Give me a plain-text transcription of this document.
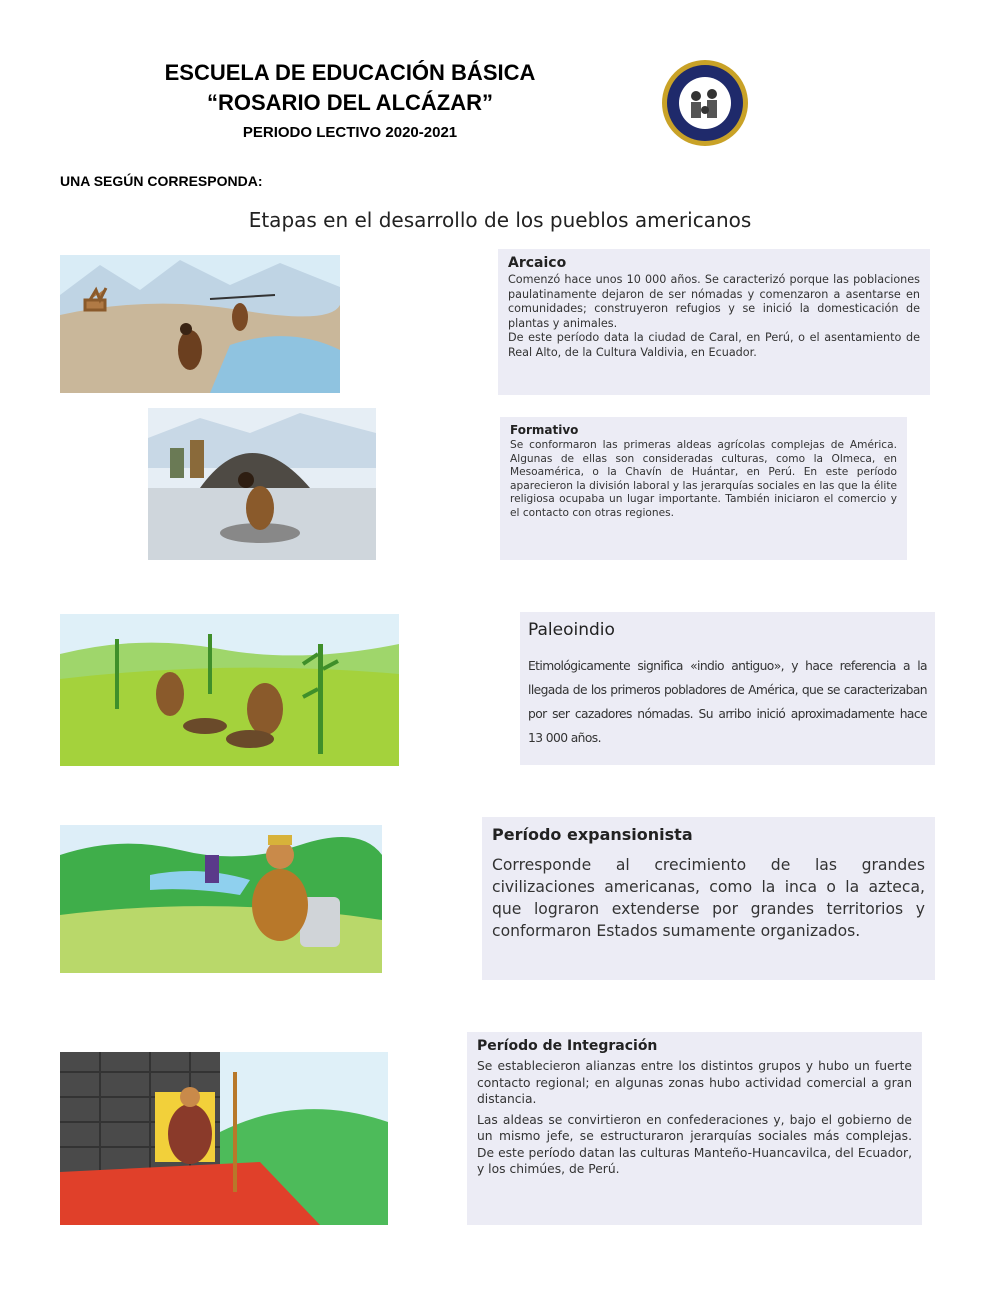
ESCUELA DE EDUCACIÓN BÁSICA
“ROSARIO DEL ALCÁZAR”
PERIODO LECTIVO 2020-2021
UNA SEGÚN CORRESPONDA:
Etapas en el desarrollo de los pueblos americanos
Arcaico

Comenzó hace unos 10 000 años. Se caracterizó porque las poblaciones paulatinamente dejaron de ser nómadas y comenzaron a asentarse en comunidades; construyeron refugios y se inició la domesticación de plantas y animales.

De este período data la ciudad de Caral, en Perú, o el asentamiento de Real Alto, de la Cultura Valdivia, en Ecuador.

Formativo

Se conformaron las primeras aldeas agrícolas complejas de América. Algunas de ellas son consideradas culturas, como la Olmeca, en Mesoamérica, o la Chavín de Huántar, en Perú. En este período aparecieron la división laboral y las jerarquías sociales en las que la élite religiosa ocupaba un lugar importante. También iniciaron el comercio y el contacto con otras regiones.

Paleoindio

Etimológicamente significa «indio antiguo», y hace referencia a la llegada de los primeros pobladores de América, que se caracterizaban por ser cazadores nómadas. Su arribo inició aproximadamente hace 13 000 años.

Período expansionista

Corresponde al crecimiento de las grandes civilizaciones americanas, como la inca o la azteca, que lograron extenderse por grandes territorios y conformaron Estados sumamente organizados.

Período de Integración

Se establecieron alianzas entre los distintos grupos y hubo un fuerte contacto regional; en algunas zonas hubo actividad comercial a gran distancia.

Las aldeas se convirtieron en confederaciones y, bajo el gobierno de un mismo jefe, se estructuraron jerarquías sociales más complejas. De este período datan las culturas Manteño-Huancavilca, del Ecuador, y los chimúes, de Perú.
